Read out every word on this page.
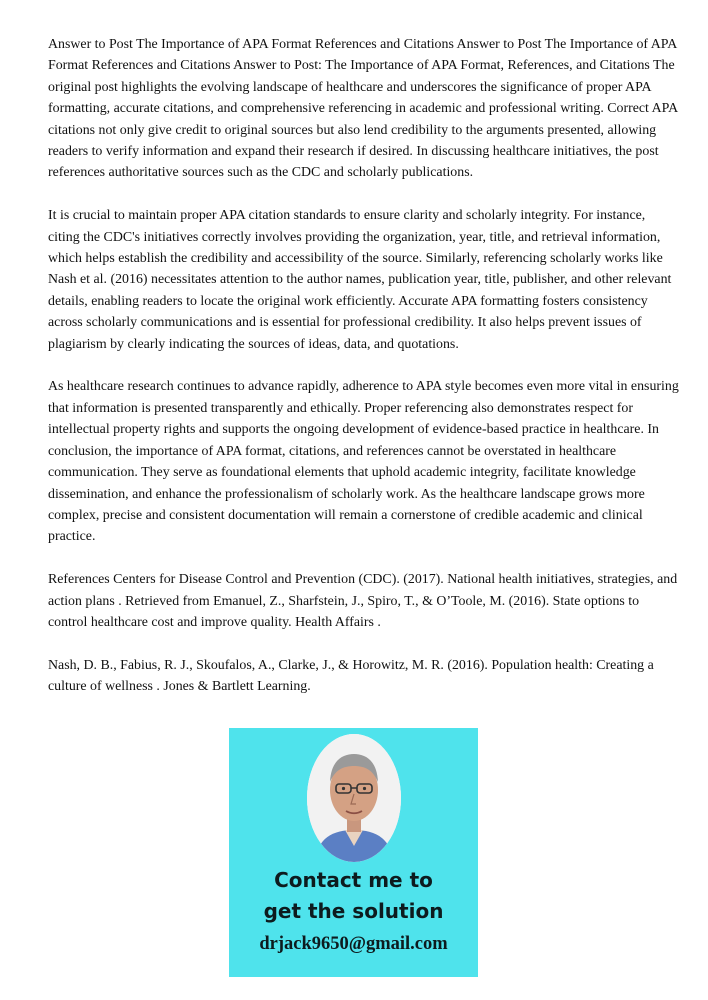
Answer to Post The Importance of APA Format References and Citations Answer to Post The Importance of APA Format References and Citations Answer to Post: The Importance of APA Format, References, and Citations The original post highlights the evolving landscape of healthcare and underscores the significance of proper APA formatting, accurate citations, and comprehensive referencing in academic and professional writing. Correct APA citations not only give credit to original sources but also lend credibility to the arguments presented, allowing readers to verify information and expand their research if desired. In discussing healthcare initiatives, the post references authoritative sources such as the CDC and scholarly publications.

It is crucial to maintain proper APA citation standards to ensure clarity and scholarly integrity. For instance, citing the CDC's initiatives correctly involves providing the organization, year, title, and retrieval information, which helps establish the credibility and accessibility of the source. Similarly, referencing scholarly works like Nash et al. (2016) necessitates attention to the author names, publication year, title, publisher, and other relevant details, enabling readers to locate the original work efficiently. Accurate APA formatting fosters consistency across scholarly communications and is essential for professional credibility. It also helps prevent issues of plagiarism by clearly indicating the sources of ideas, data, and quotations.

As healthcare research continues to advance rapidly, adherence to APA style becomes even more vital in ensuring that information is presented transparently and ethically. Proper referencing also demonstrates respect for intellectual property rights and supports the ongoing development of evidence-based practice in healthcare. In conclusion, the importance of APA format, citations, and references cannot be overstated in healthcare communication. They serve as foundational elements that uphold academic integrity, facilitate knowledge dissemination, and enhance the professionalism of scholarly work. As the healthcare landscape grows more complex, precise and consistent documentation will remain a cornerstone of credible academic and clinical practice.

References Centers for Disease Control and Prevention (CDC). (2017). National health initiatives, strategies, and action plans . Retrieved from Emanuel, Z., Sharfstein, J., Spiro, T., & O’Toole, M. (2016). State options to control healthcare cost and improve quality. Health Affairs .

Nash, D. B., Fabius, R. J., Skoufalos, A., Clarke, J., & Horowitz, M. R. (2016). Population health: Creating a culture of wellness . Jones & Bartlett Learning.

Contact me to
get the solution
drjack9650@gmail.com
